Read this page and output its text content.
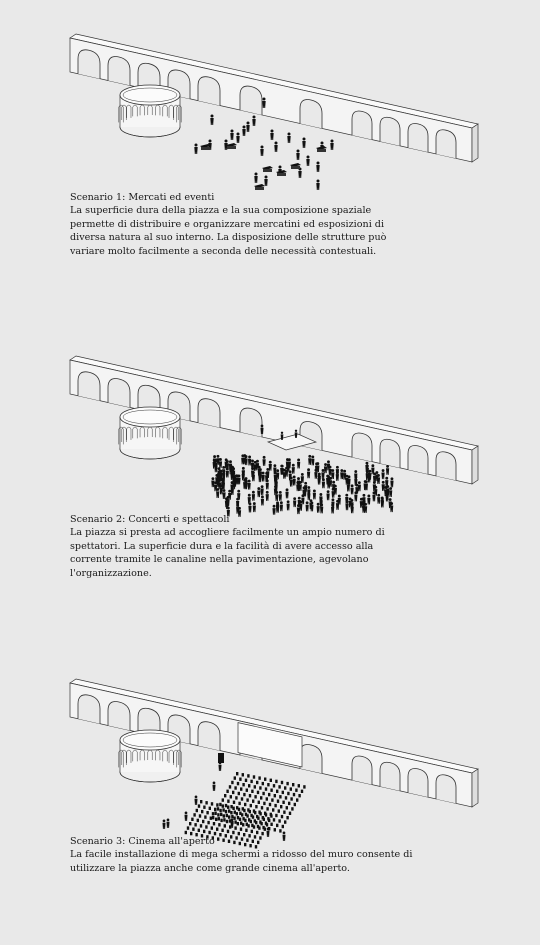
Scenario 1: Mercati ed eventi
La superficie dura della piazza e la sua composizione spaziale permette di distribuire e organizzare mercatini ed esposizioni di diversa natura al suo interno. La disposizione delle strutture può variare molto facilmente a seconda delle necessità contestuali.
Scenario 2: Concerti e spettacoli
La piazza si presta ad accogliere facilmente un ampio numero di spettatori. La superficie dura e la facilità di avere accesso alla corrente tramite le canaline nella pavimentazione, agevolano l'organizzazione.
Scenario 3: Cinema all'aperto
La facile installazione di mega schermi a ridosso del muro consente di utilizzare la piazza anche come grande cinema all'aperto.
